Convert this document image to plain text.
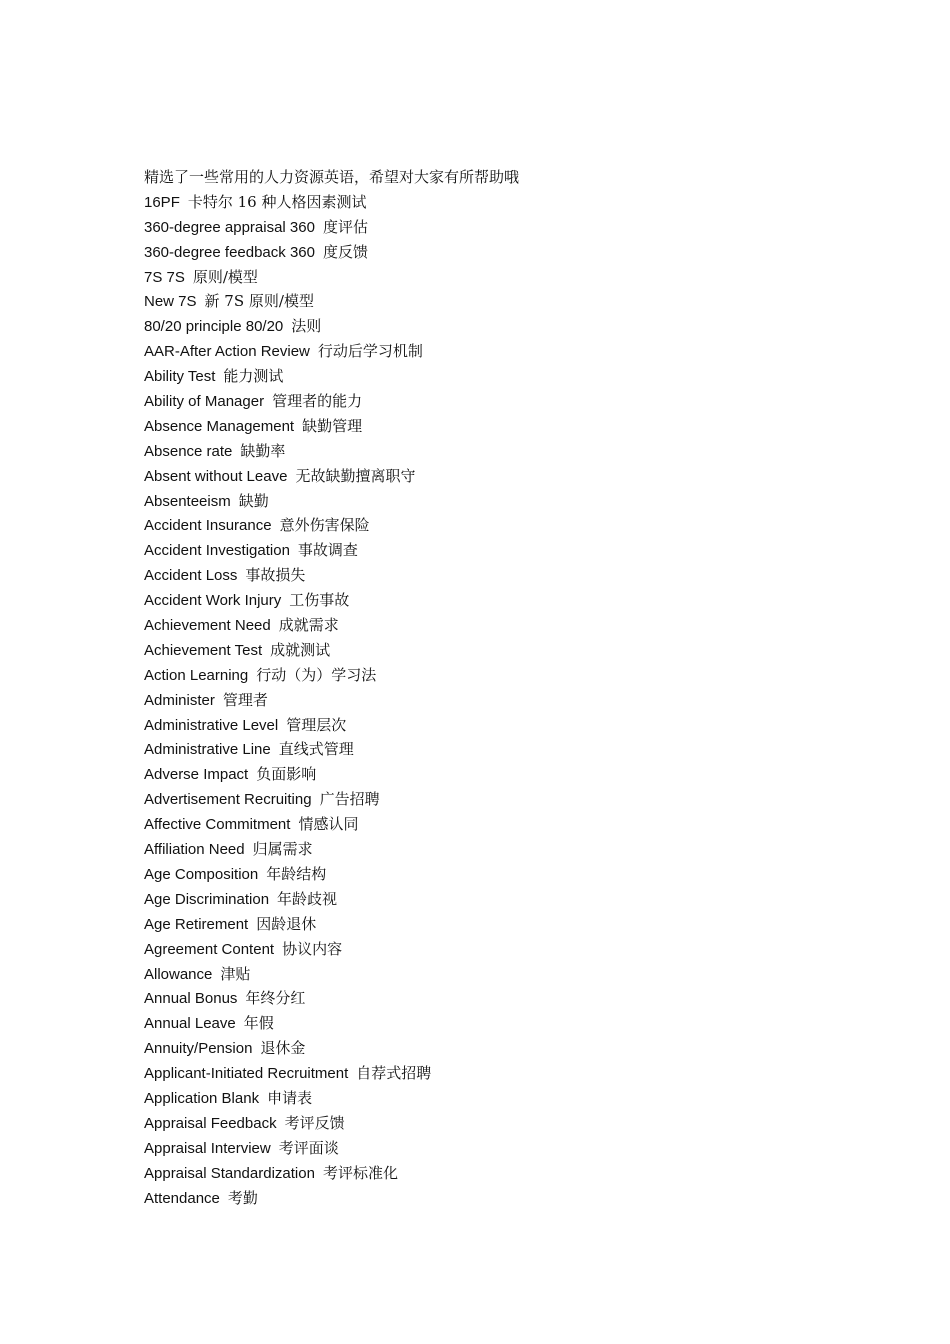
精选了一些常用的人力资源英语，希望对大家有所帮助哦
16PF 卡特尔 16 种人格因素测试
360-degree appraisal 360 度评估
360-degree feedback 360 度反馈
7S 7S 原则/模型
New 7S 新 7S 原则/模型
80/20 principle 80/20 法则
AAR-After Action Review 行动后学习机制
Ability Test 能力测试
Ability of Manager 管理者的能力
Absence Management 缺勤管理
Absence rate 缺勤率
Absent without Leave 无故缺勤擅离职守
Absenteeism 缺勤
Accident Insurance 意外伤害保险
Accident Investigation 事故调查
Accident Loss 事故损失
Accident Work Injury 工伤事故
Achievement Need 成就需求
Achievement Test 成就测试
Action Learning 行动（为）学习法
Administer 管理者
Administrative Level 管理层次
Administrative Line 直线式管理
Adverse Impact 负面影响
Advertisement Recruiting 广告招聘
Affective Commitment 情感认同
Affiliation Need 归属需求
Age Composition 年龄结构
Age Discrimination 年龄歧视
Age Retirement 因龄退休
Agreement Content 协议内容
Allowance 津贴
Annual Bonus 年终分红
Annual Leave 年假
Annuity/Pension 退休金
Applicant-Initiated Recruitment 自荐式招聘
Application Blank 申请表
Appraisal Feedback 考评反馈
Appraisal Interview 考评面谈
Appraisal Standardization 考评标准化
Attendance 考勤
